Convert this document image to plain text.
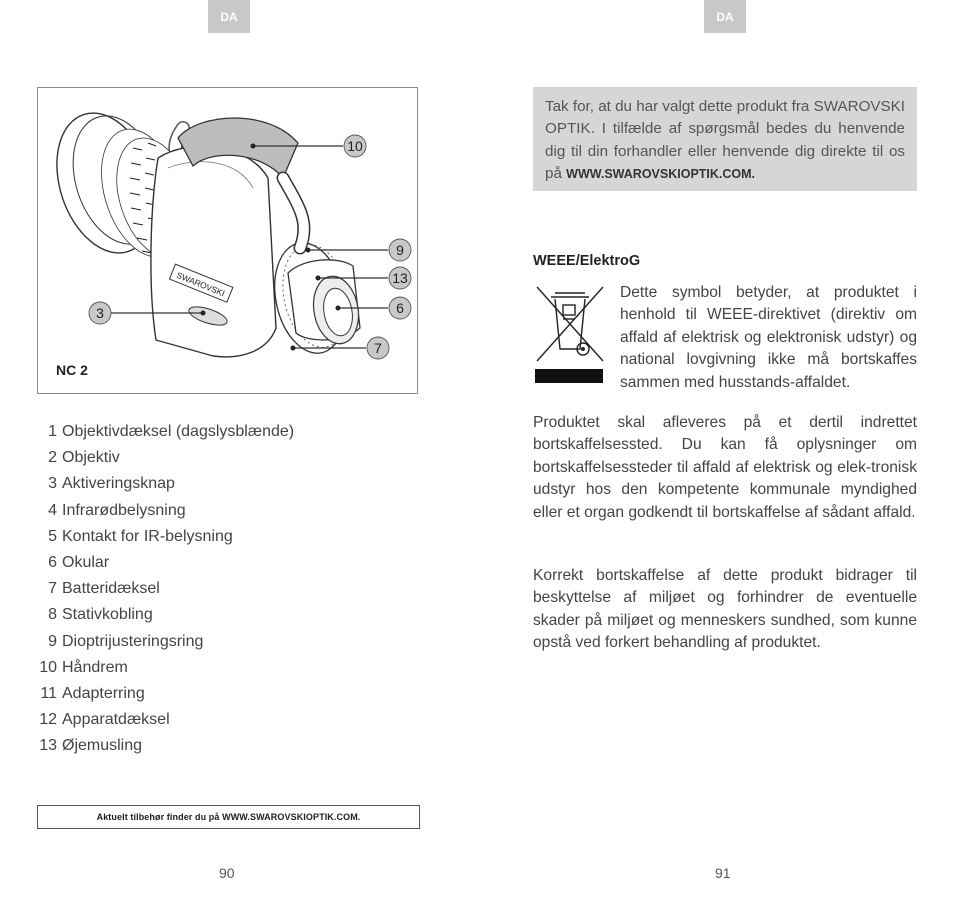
DA	DA
SWAROVSKI
10
9
13
6
7
3
NC 2
1 Objektivdæksel (dagslysblænde)
2 Objektiv
3 Aktiveringsknap
4 Infrarødbelysning
5 Kontakt for IR-belysning
6 Okular
7 Batteridæksel
8 Stativkobling
9 Dioptrijusteringsring
10 Håndrem
11 Adapterring
12 Apparatdæksel
13 Øjemusling
Aktuelt tilbehør finder du på WWW.SWAROVSKIOPTIK.COM.
90	91
Tak for, at du har valgt dette produkt fra SWAROVSKI OPTIK. I tilfælde af spørgsmål bedes du henvende dig til din forhandler eller henvende dig direkte til os på WWW.SWAROVSKIOPTIK.COM.
WEEE/ElektroG

Dette symbol betyder, at produktet i henhold til WEEE-direktivet (direktiv om affald af elektrisk og elektronisk udstyr) og national lovgivning ikke må bortskaffes sammen med husstands-affaldet.

Produktet skal afleveres på et dertil indrettet bortskaffelsessted. Du kan få oplysninger om bortskaffelsessteder til affald af elektrisk og elek-tronisk udstyr hos den kompetente kommunale myndighed eller et organ godkendt til bortskaffelse af sådant affald.

Korrekt bortskaffelse af dette produkt bidrager til beskyttelse af miljøet og forhindrer de eventuelle skader på miljøet og menneskers sundhed, som kunne opstå ved forkert behandling af produktet.
